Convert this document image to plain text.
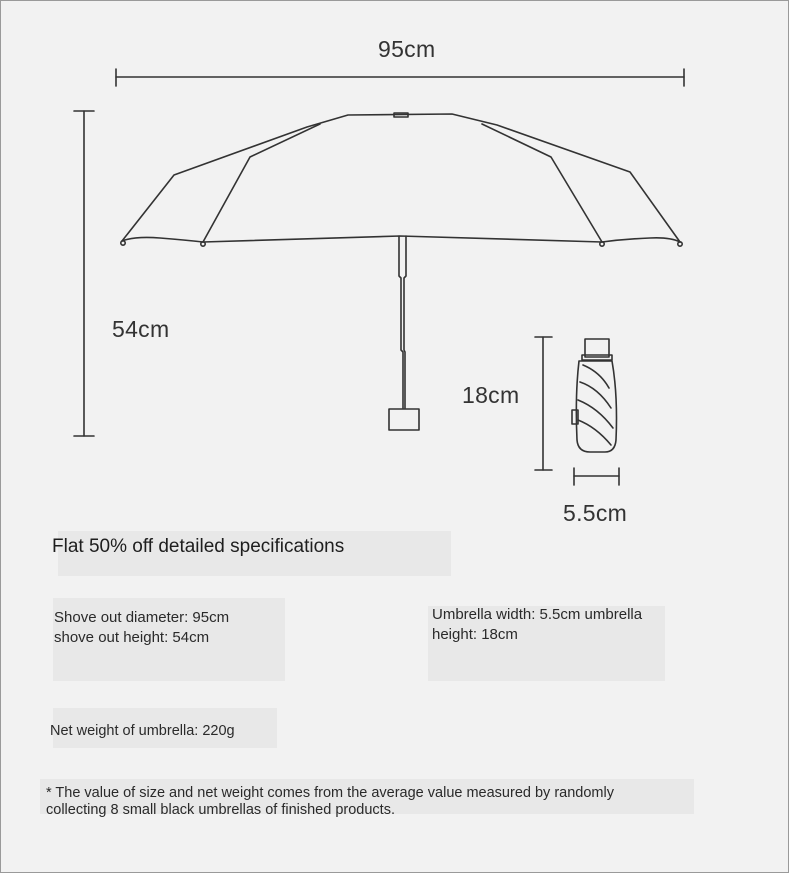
95cm
54cm
18cm
5.5cm
Flat 50% off detailed specifications
Shove out diameter: 95cm
shove out height: 54cm
Umbrella width: 5.5cm umbrella
height: 18cm
Net weight of umbrella: 220g
* The value of size and net weight comes from the average value measured by randomly
collecting 8 small black umbrellas of finished products.
